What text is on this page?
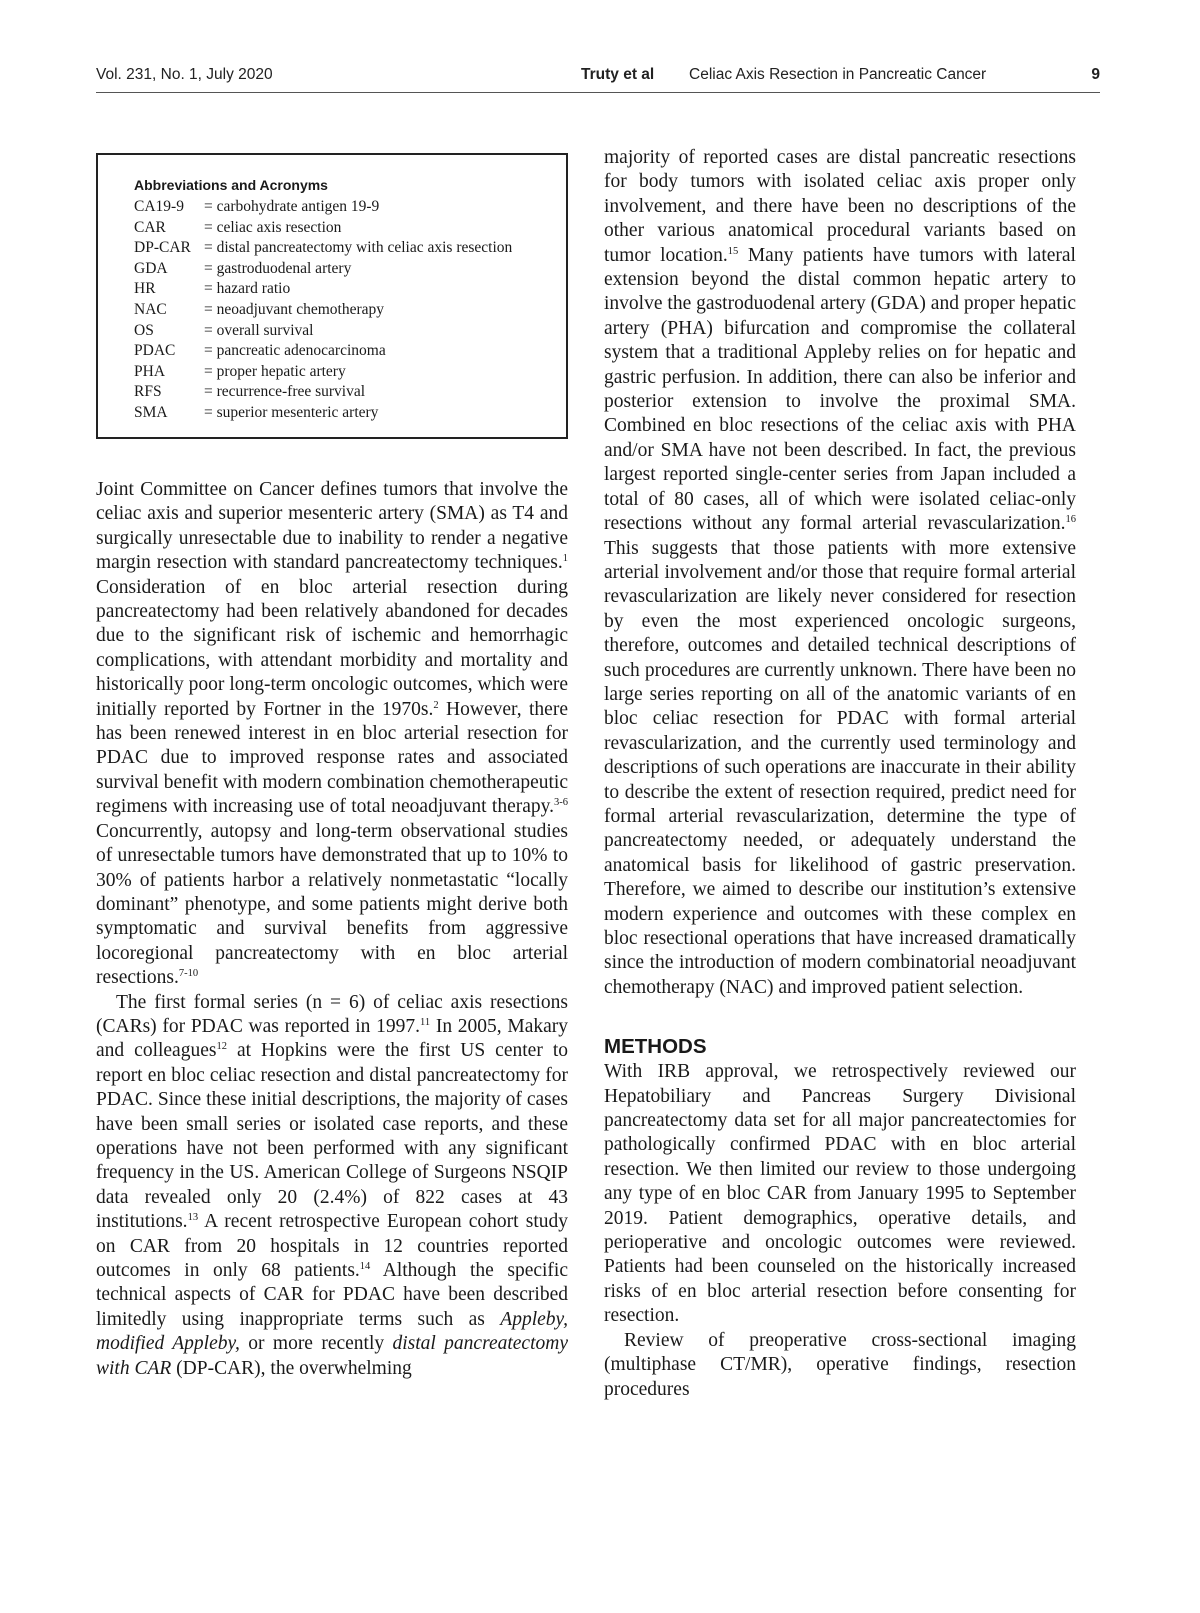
Vol. 231, No. 1, July 2020	Truty et al Celiac Axis Resection in Pancreatic Cancer	9
Abbreviations and Acronyms
CA19-9 = carbohydrate antigen 19-9
CAR = celiac axis resection
DP-CAR = distal pancreatectomy with celiac axis resection
GDA = gastroduodenal artery
HR	= hazard ratio
NAC = neoadjuvant chemotherapy
OS	= overall survival
PDAC = pancreatic adenocarcinoma
PHA	= proper hepatic artery
RFS	= recurrence-free survival
SMA = superior mesenteric artery

Joint Committee on Cancer defines tumors that involve the celiac axis and superior mesenteric artery (SMA) as T4 and surgically unresectable due to inability to render a negative margin resection with standard pancreatectomy techniques.$^1$ Consideration of en bloc arterial resection during pancreatectomy had been relatively abandoned for decades due to the significant risk of ischemic and hemorrhagic complications, with attendant morbidity and mortality and historically poor long-term oncologic outcomes, which were initially reported by Fortner in the 1970s.$^2$ However, there has been renewed interest in en bloc arterial resection for PDAC due to improved response rates and associated survival benefit with modern combination chemotherapeutic regimens with increasing use of total neoadjuvant therapy.$^{3-6}$ Concurrently, autopsy and long-term observational studies of unresectable tumors have demonstrated that up to 10% to 30% of patients harbor a relatively nonmetastatic “locally dominant” phenotype, and some patients might derive both symptomatic and survival benefits from aggressive locoregional pancreatectomy with en bloc arterial resections.$^{7-10}$

The first formal series (n = 6) of celiac axis resections (CARs) for PDAC was reported in 1997.11 In 2005, Makary and colleagues$^{12}$ at Hopkins were the first US center to report en bloc celiac resection and distal pancreatectomy for PDAC. Since these initial descriptions, the majority of cases have been small series or isolated case reports, and these operations have not been performed with any significant frequency in the US. American College of Surgeons NSQIP data revealed only 20 (2.4%) of 822 cases at 43 institutions.$^{13}$ A recent retrospective European cohort study on CAR from 20 hospitals in 12 countries reported outcomes in only 68 patients.$^{14}$ Although the specific technical aspects of CAR for PDAC have been described limitedly using inappropriate terms such as Appleby, modified Appleby, or more recently distal pancreatectomy with CAR (DP-CAR), the overwhelming

majority of reported cases are distal pancreatic resections for body tumors with isolated celiac axis proper only involvement, and there have been no descriptions of the other various anatomical procedural variants based on tumor location.$^{15}$ Many patients have tumors with lateral extension beyond the distal common hepatic artery to involve the gastroduodenal artery (GDA) and proper hepatic artery (PHA) bifurcation and compromise the collateral system that a traditional Appleby relies on for hepatic and gastric perfusion. In addition, there can also be inferior and posterior extension to involve the proximal SMA. Combined en bloc resections of the celiac axis with PHA and/or SMA have not been described. In fact, the previous largest reported single-center series from Japan included a total of 80 cases, all of which were isolated celiac-only resections without any formal arterial revascularization.$^{16}$ This suggests that those patients with more extensive arterial involvement and/or those that require formal arterial revascularization are likely never considered for resection by even the most experienced oncologic surgeons, therefore, outcomes and detailed technical descriptions of such procedures are currently unknown. There have been no large series reporting on all of the anatomic variants of en bloc celiac resection for PDAC with formal arterial revascularization, and the currently used terminology and descriptions of such operations are inaccurate in their ability to describe the extent of resection required, predict need for formal arterial revascularization, determine the type of pancreatectomy needed, or adequately understand the anatomical basis for likelihood of gastric preservation. Therefore, we aimed to describe our institution’s extensive modern experience and outcomes with these complex en bloc resectional operations that have increased dramatically since the introduction of modern combinatorial neoadjuvant chemotherapy (NAC) and improved patient selection.

METHODS

With IRB approval, we retrospectively reviewed our Hepatobiliary and Pancreas Surgery Divisional pancreatectomy data set for all major pancreatectomies for pathologically confirmed PDAC with en bloc arterial resection. We then limited our review to those undergoing any type of en bloc CAR from January 1995 to September 2019. Patient demographics, operative details, and perioperative and oncologic outcomes were reviewed. Patients had been counseled on the historically increased risks of en bloc arterial resection before consenting for resection.

Review of preoperative cross-sectional imaging (multiphase CT/MR), operative findings, resection procedures
